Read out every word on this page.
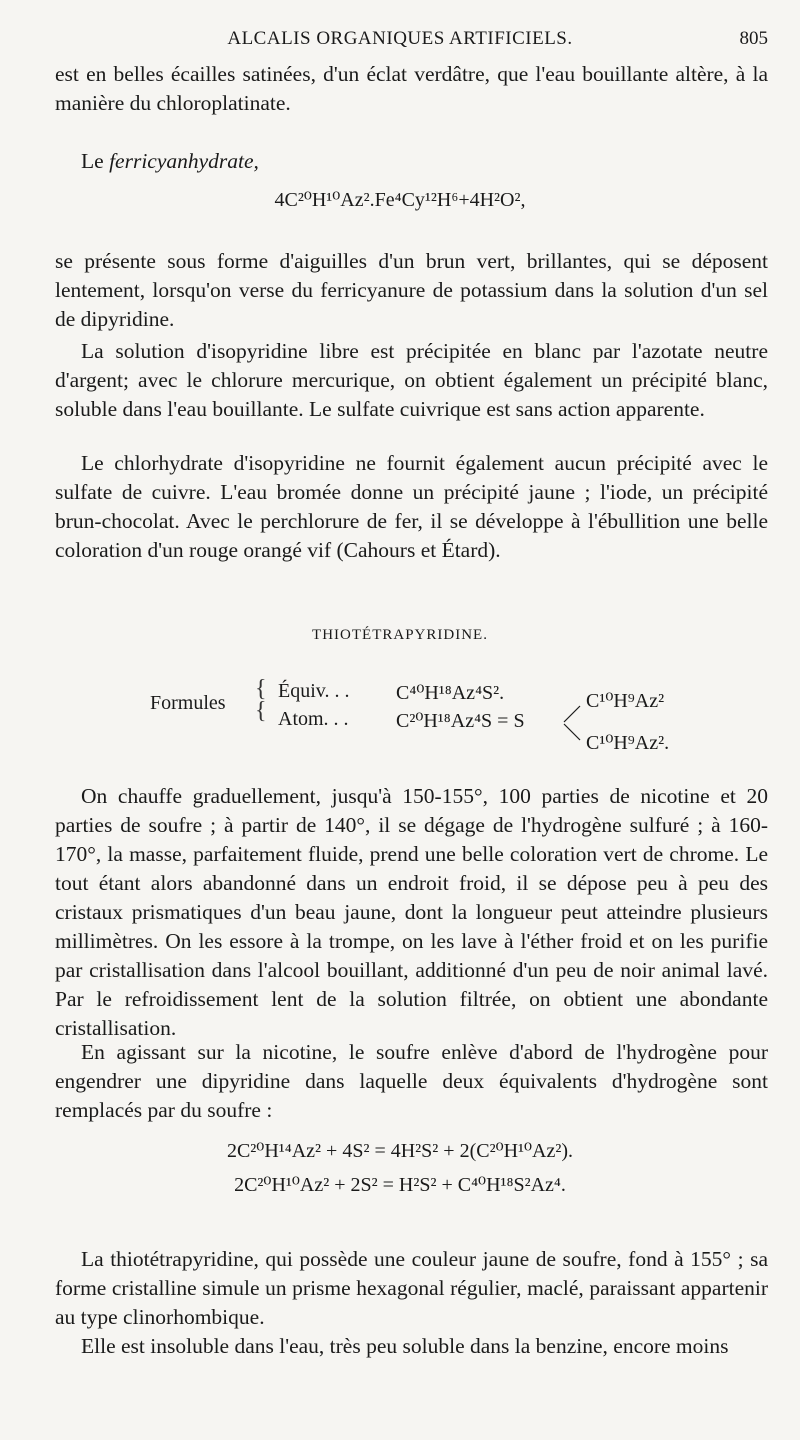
ALCALIS ORGANIQUES ARTIFICIELS.	805

est en belles écailles satinées, d'un éclat verdâtre, que l'eau bouillante altère, à la manière du chloroplatinate.

Le ferricyanhydrate,

4C²⁰H¹⁰Az².Fe⁴Cy¹²H⁶+4H²O²,

se présente sous forme d'aiguilles d'un brun vert, brillantes, qui se déposent lentement, lorsqu'on verse du ferricyanure de potassium dans la solution d'un sel de dipyridine.

La solution d'isopyridine libre est précipitée en blanc par l'azotate neutre d'argent; avec le chlorure mercurique, on obtient également un précipité blanc, soluble dans l'eau bouillante. Le sulfate cuivrique est sans action apparente.

Le chlorhydrate d'isopyridine ne fournit également aucun précipité avec le sulfate de cuivre. L'eau bromée donne un précipité jaune ; l'iode, un précipité brun-chocolat. Avec le perchlorure de fer, il se développe à l'ébullition une belle coloration d'un rouge orangé vif (Cahours et Étard).

THIOTÉTRAPYRIDINE.
Formules
{
{
Équiv. . . C⁴⁰H¹⁸Az⁴S².
Atom. . . C²⁰H¹⁸Az⁴S = S
C¹⁰H⁹Az²
C¹⁰H⁹Az².

On chauffe graduellement, jusqu'à 150-155°, 100 parties de nicotine et 20 parties de soufre ; à partir de 140°, il se dégage de l'hydrogène sulfuré ; à 160-170°, la masse, parfaitement fluide, prend une belle coloration vert de chrome. Le tout étant alors abandonné dans un endroit froid, il se dépose peu à peu des cristaux prismatiques d'un beau jaune, dont la longueur peut atteindre plusieurs millimètres. On les essore à la trompe, on les lave à l'éther froid et on les purifie par cristallisation dans l'alcool bouillant, additionné d'un peu de noir animal lavé. Par le refroidissement lent de la solution filtrée, on obtient une abondante cristallisation.

En agissant sur la nicotine, le soufre enlève d'abord de l'hydrogène pour engendrer une dipyridine dans laquelle deux équivalents d'hydrogène sont remplacés par du soufre :

2C²⁰H¹⁴Az² + 4S² = 4H²S² + 2(C²⁰H¹⁰Az²).
2C²⁰H¹⁰Az² + 2S² = H²S² + C⁴⁰H¹⁸S²Az⁴.

La thiotétrapyridine, qui possède une couleur jaune de soufre, fond à 155° ; sa forme cristalline simule un prisme hexagonal régulier, maclé, paraissant appartenir au type clinorhombique.

Elle est insoluble dans l'eau, très peu soluble dans la benzine, encore moins
